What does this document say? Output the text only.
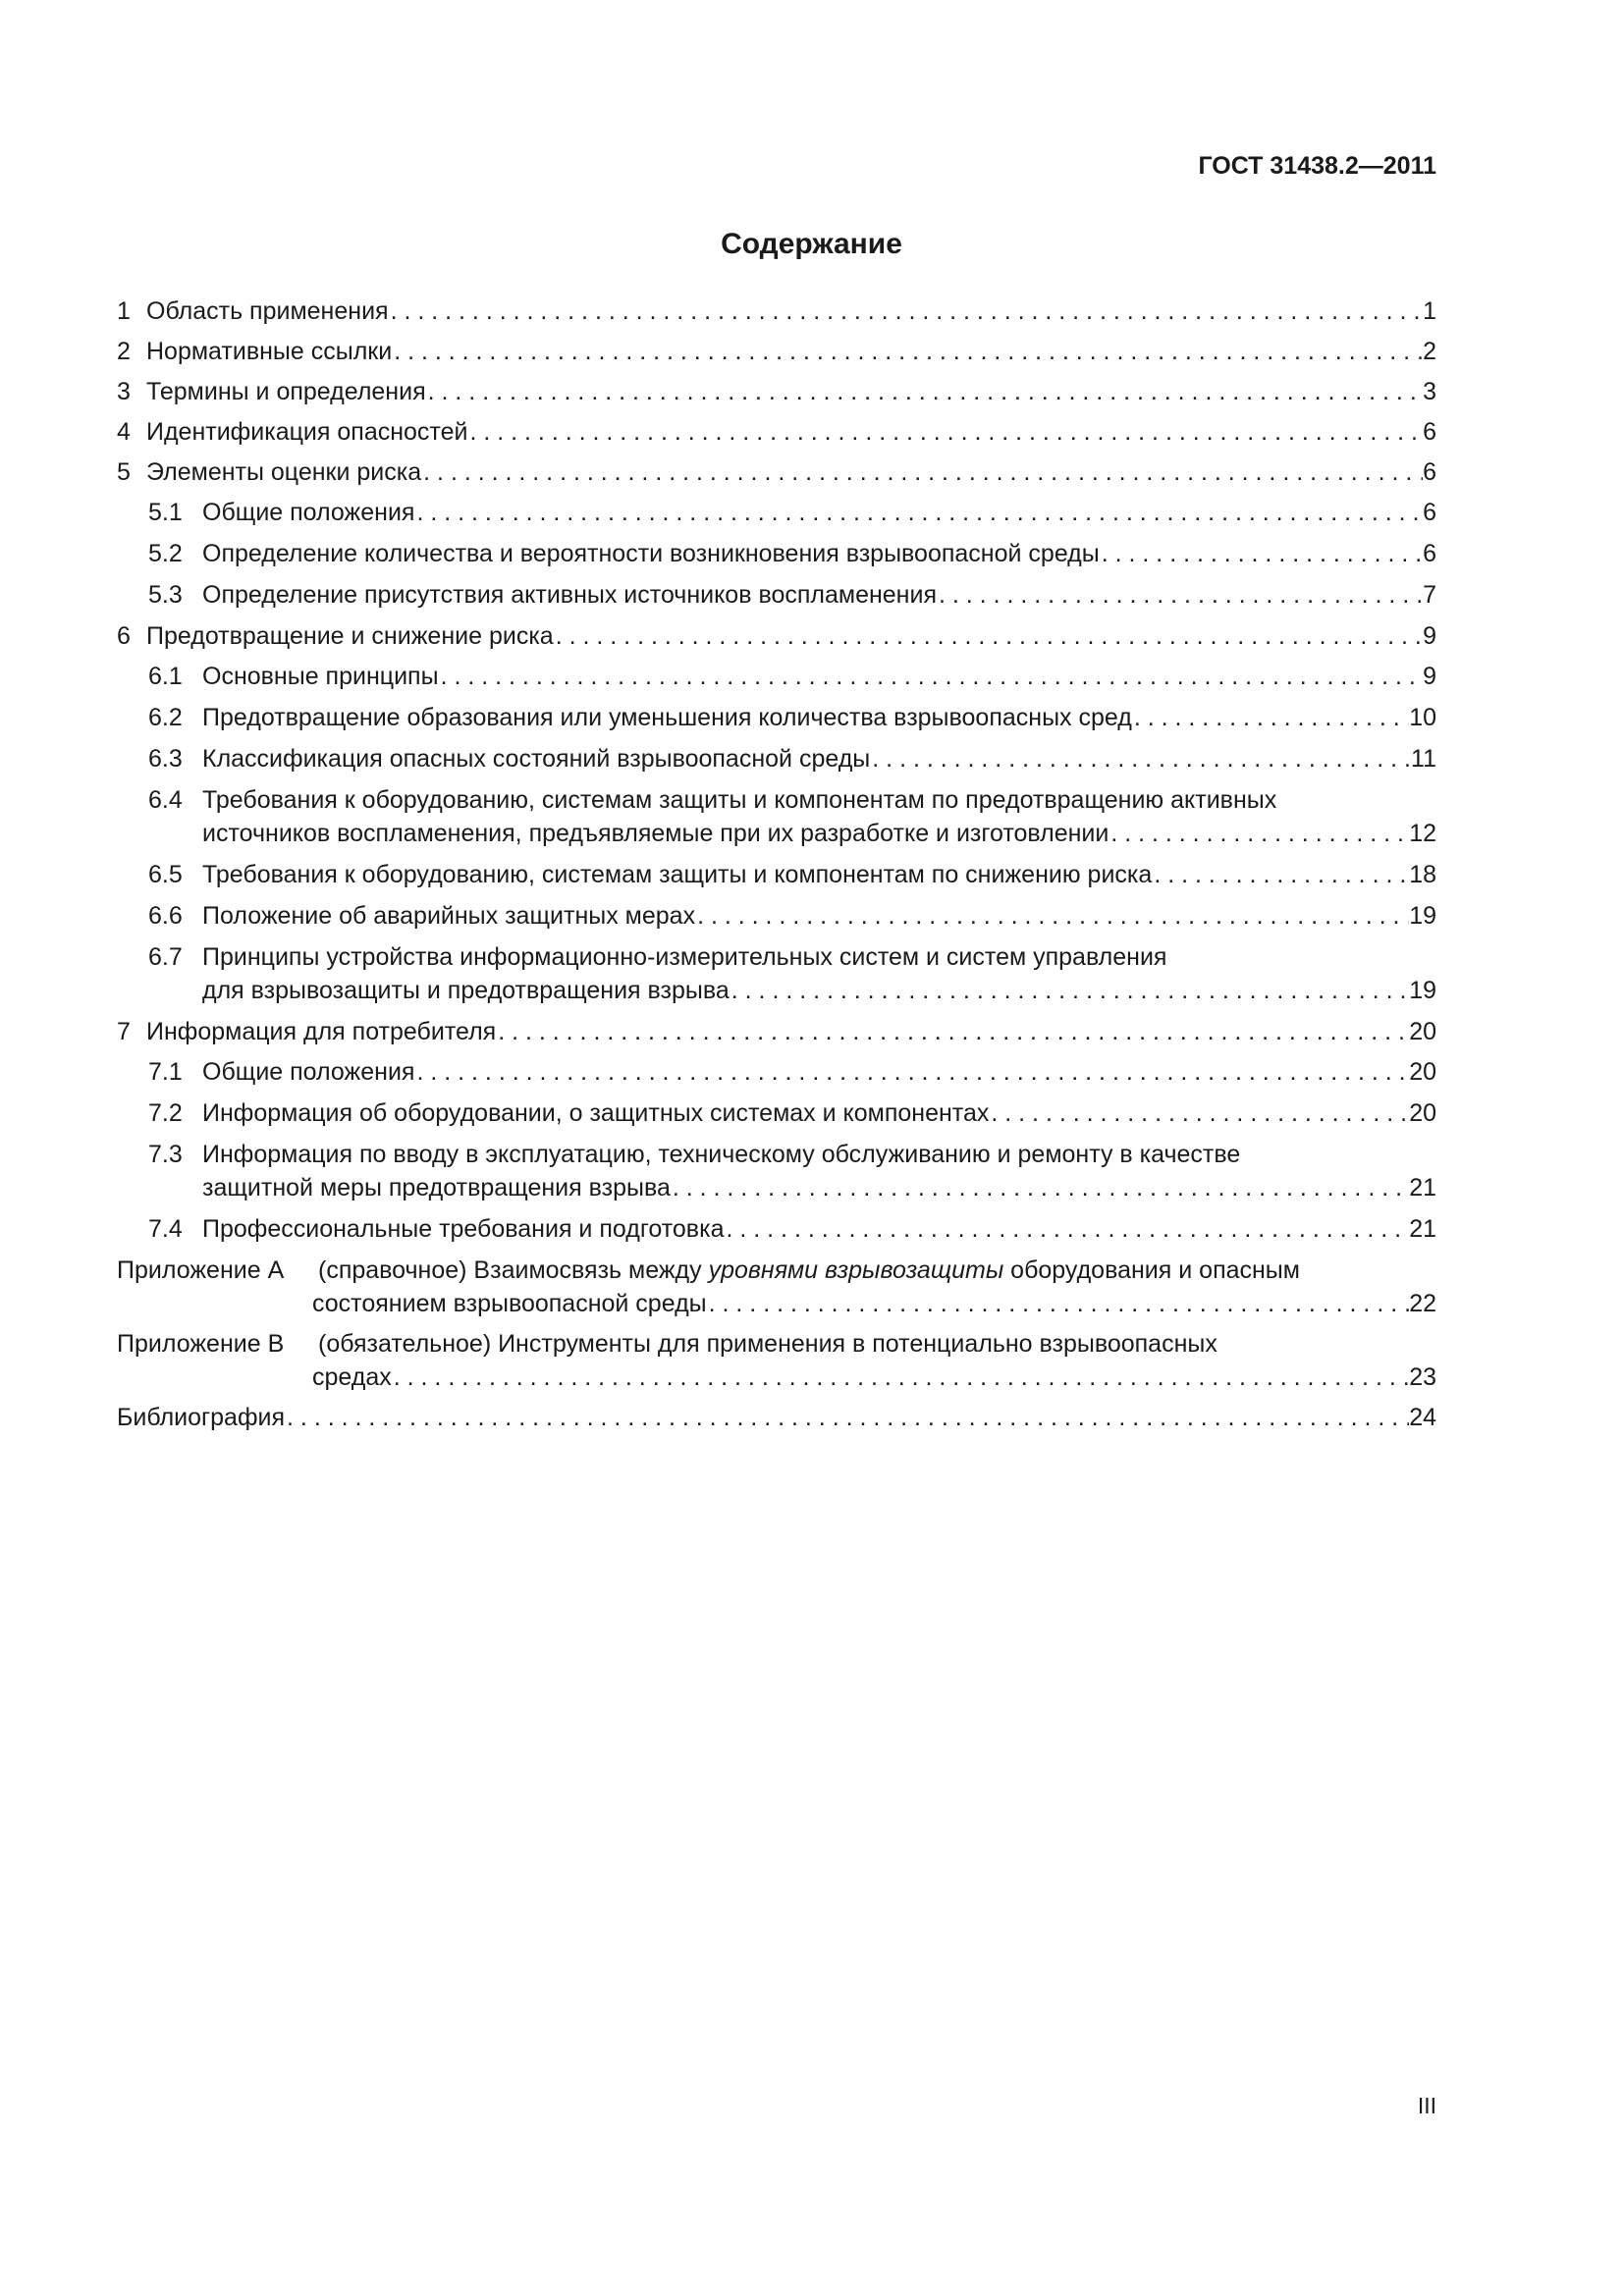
ГОСТ 31438.2—2011
Содержание
1 Область применения . . .	1
2 Нормативные ссылки . . .	2
3 Термины и определения . . .	3
4 Идентификация опасностей . . .	6
5 Элементы оценки риска . . .	6
5.1 Общие положения . . .	6
5.2 Определение количества и вероятности возникновения взрывоопасной среды . . .	6
5.3 Определение присутствия активных источников воспламенения . . .	7
6 Предотвращение и снижение риска . . .	9
6.1 Основные принципы . . .	9
6.2 Предотвращение образования или уменьшения количества взрывоопасных сред . . .	10
6.3 Классификация опасных состояний взрывоопасной среды . . .	11
6.4 Требования к оборудованию, системам защиты и компонентам по предотвращению активных
источников воспламенения, предъявляемые при их разработке и изготовлении . . .	12
6.5 Требования к оборудованию, системам защиты и компонентам по снижению риска . . .	18
6.6 Положение об аварийных защитных мерах . . .	19
6.7 Принципы устройства информационно-измерительных систем и систем управления
для взрывозащиты и предотвращения взрыва . . .	19
7 Информация для потребителя . . .	20
7.1 Общие положения . . .	20
7.2 Информация об оборудовании, о защитных системах и компонентах . . .	20
7.3 Информация по вводу в эксплуатацию, техническому обслуживанию и ремонту в качестве
защитной меры предотвращения взрыва . . .	21
7.4 Профессиональные требования и подготовка . . .	21
Приложение А	(справочное) Взаимосвязь между уровнями взрывозащиты оборудования и опасным
состоянием взрывоопасной среды . . .	22
Приложение В	(обязательное) Инструменты для применения в потенциально взрывоопасных
средах . . .	23
Библиография . . .	24
III
